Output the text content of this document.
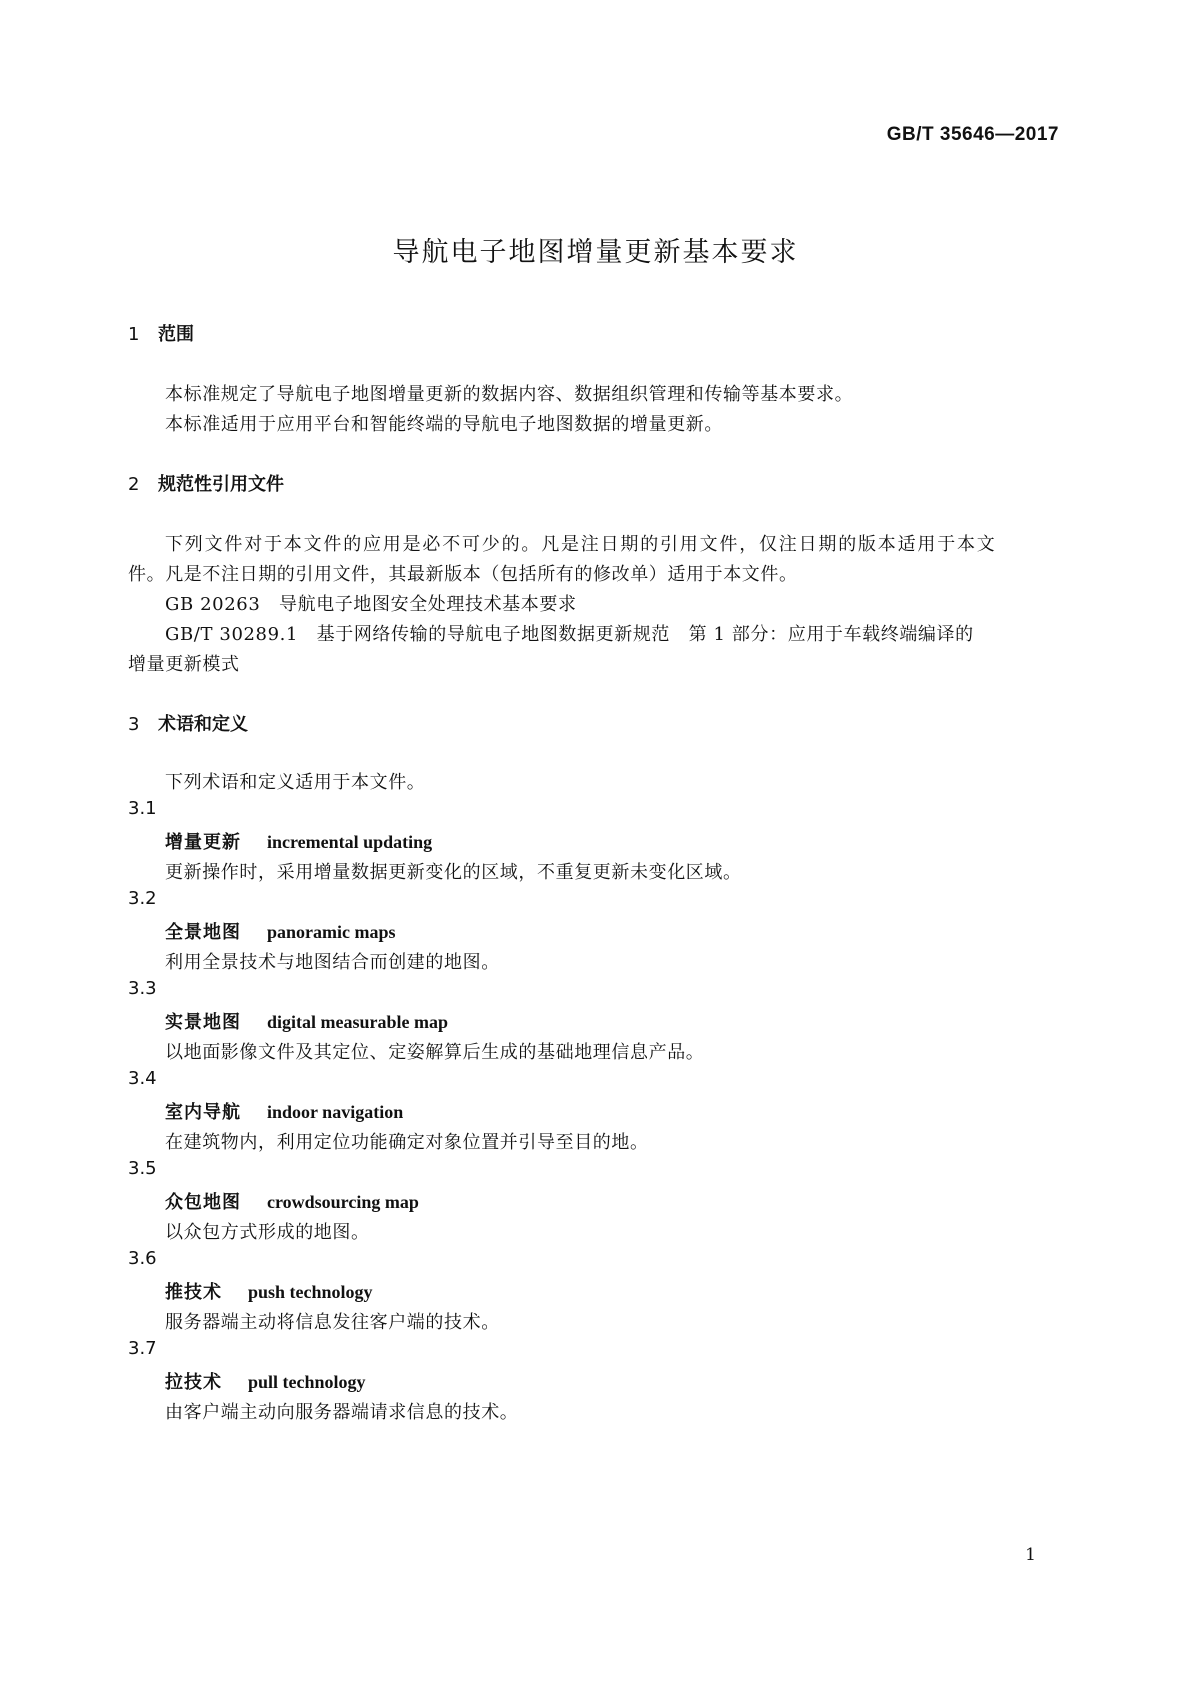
GB/T 35646—2017
导航电子地图增量更新基本要求
1 范围
本标准规定了导航电子地图增量更新的数据内容、数据组织管理和传输等基本要求。
本标准适用于应用平台和智能终端的导航电子地图数据的增量更新。
2 规范性引用文件
下列文件对于本文件的应用是必不可少的。凡是注日期的引用文件，仅注日期的版本适用于本文
件。凡是不注日期的引用文件，其最新版本（包括所有的修改单）适用于本文件。
GB 20263　导航电子地图安全处理技术基本要求
GB/T 30289.1　基于网络传输的导航电子地图数据更新规范　第 1 部分：应用于车载终端编译的
增量更新模式
3 术语和定义
下列术语和定义适用于本文件。
3.1
增量更新 incremental updating
更新操作时，采用增量数据更新变化的区域，不重复更新未变化区域。
3.2
全景地图 panoramic maps
利用全景技术与地图结合而创建的地图。
3.3
实景地图 digital measurable map
以地面影像文件及其定位、定姿解算后生成的基础地理信息产品。
3.4
室内导航 indoor navigation
在建筑物内，利用定位功能确定对象位置并引导至目的地。
3.5
众包地图 crowdsourcing map
以众包方式形成的地图。
3.6
推技术 push technology
服务器端主动将信息发往客户端的技术。
3.7
拉技术 pull technology
由客户端主动向服务器端请求信息的技术。
1
